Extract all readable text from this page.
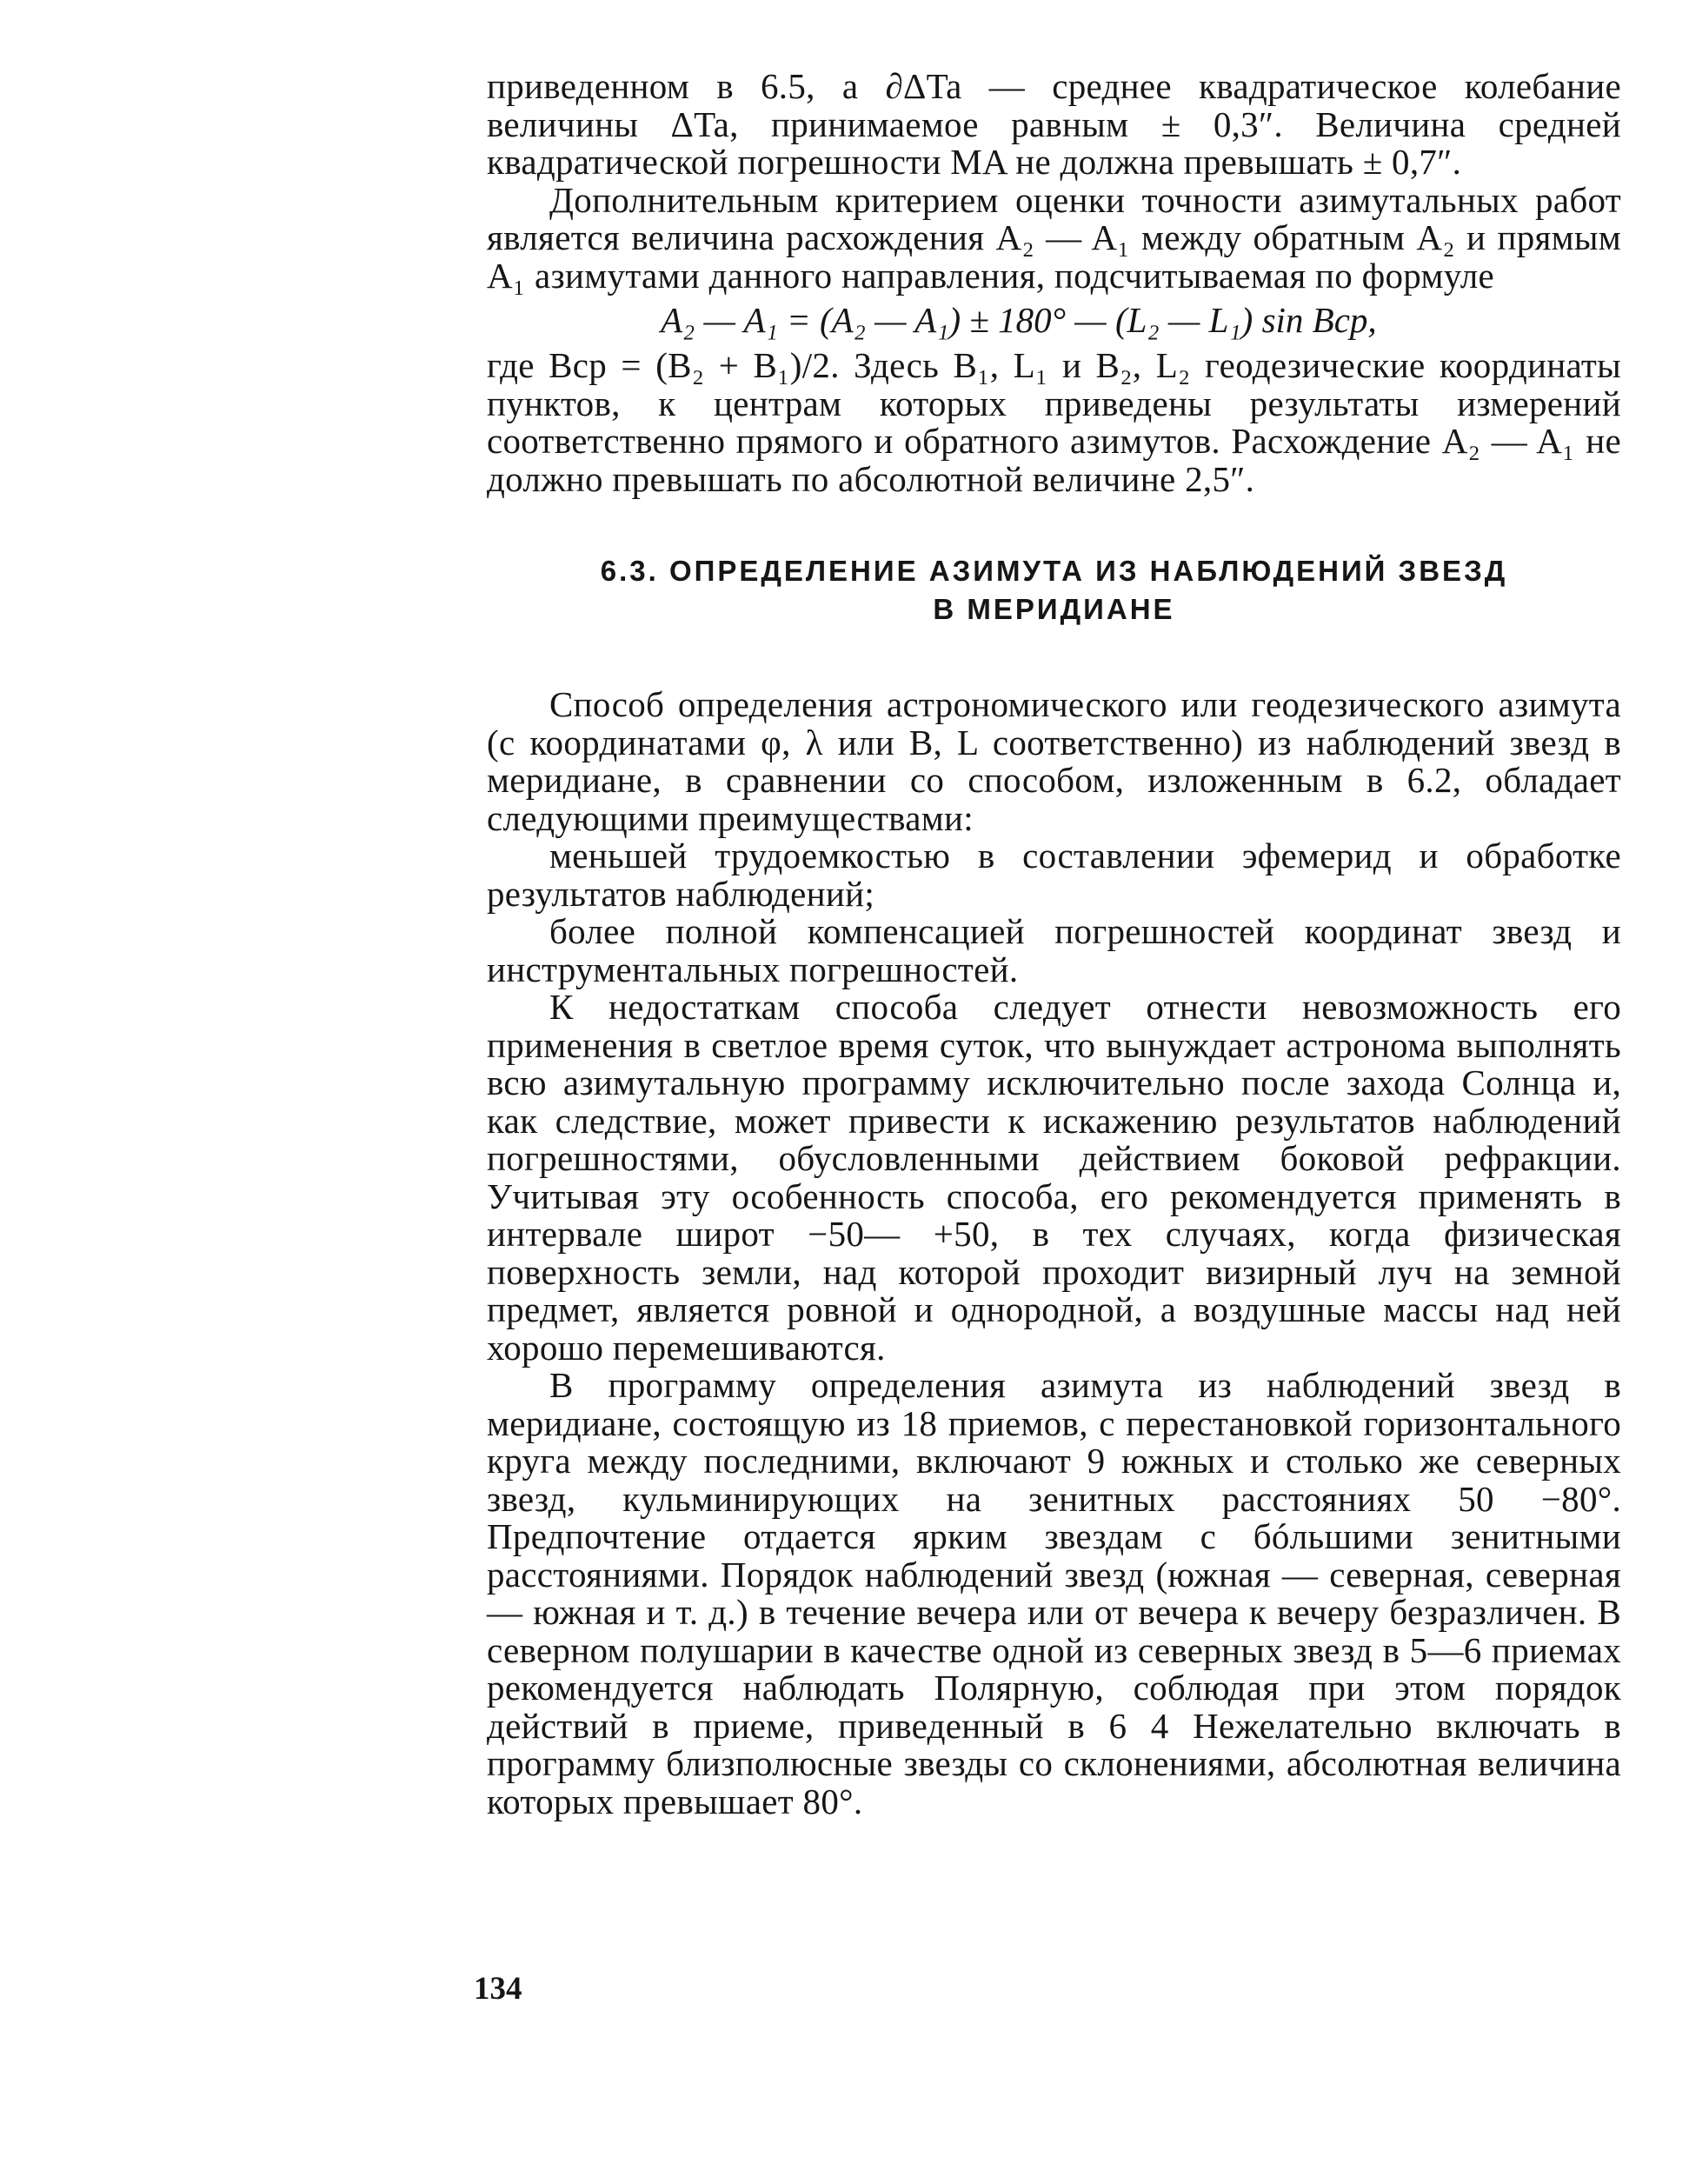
приведенном в 6.5, а ∂ΔTa — среднее квадратическое колебание величины ΔTa, принимаемое равным ± 0,3″. Величина средней квадратической погрешности MA не должна превышать ± 0,7″.

Дополнительным критерием оценки точности азимутальных работ является величина расхождения A₂ — A₁ между обратным A₂ и прямым A₁ азимутами данного направления, подсчитываемая по формуле

A₂ — A₁ = (A₂ — A₁) ± 180° — (L₂ — L₁) sin Bср,

где Bср = (B₂ + B₁)/2. Здесь B₁, L₁ и B₂, L₂ геодезические координаты пунктов, к центрам которых приведены результаты измерений соответственно прямого и обратного азимутов. Расхождение A₂ — A₁ не должно превышать по абсолютной величине 2,5″.

6.3. ОПРЕДЕЛЕНИЕ АЗИМУТА ИЗ НАБЛЮДЕНИЙ ЗВЕЗД
В МЕРИДИАНЕ

Способ определения астрономического или геодезического азимута (с координатами φ, λ или B, L соответственно) из наблюдений звезд в меридиане, в сравнении со способом, изложенным в 6.2, обладает следующими преимуществами:

меньшей трудоемкостью в составлении эфемерид и обработке результатов наблюдений;

более полной компенсацией погрешностей координат звезд и инструментальных погрешностей.

К недостаткам способа следует отнести невозможность его применения в светлое время суток, что вынуждает астронома выполнять всю азимутальную программу исключительно после захода Солнца и, как следствие, может привести к искажению результатов наблюдений погрешностями, обусловленными действием боковой рефракции. Учитывая эту особенность способа, его рекомендуется применять в интервале широт −50— +50, в тех случаях, когда физическая поверхность земли, над которой проходит визирный луч на земной предмет, является ровной и однородной, а воздушные массы над ней хорошо перемешиваются.

В программу определения азимута из наблюдений звезд в меридиане, состоящую из 18 приемов, с перестановкой горизонтального круга между последними, включают 9 южных и столько же северных звезд, кульминирующих на зенитных расстояниях 50 −80°. Предпочтение отдается ярким звездам с бóльшими зенитными расстояниями. Порядок наблюдений звезд (южная — северная, северная — южная и т. д.) в течение вечера или от вечера к вечеру безразличен. В северном полушарии в качестве одной из северных звезд в 5—6 приемах рекомендуется наблюдать Полярную, соблюдая при этом порядок действий в приеме, приведенный в 6 4 Нежелательно включать в программу близполюсные звезды со склонениями, абсолютная величина которых превышает 80°.

134
